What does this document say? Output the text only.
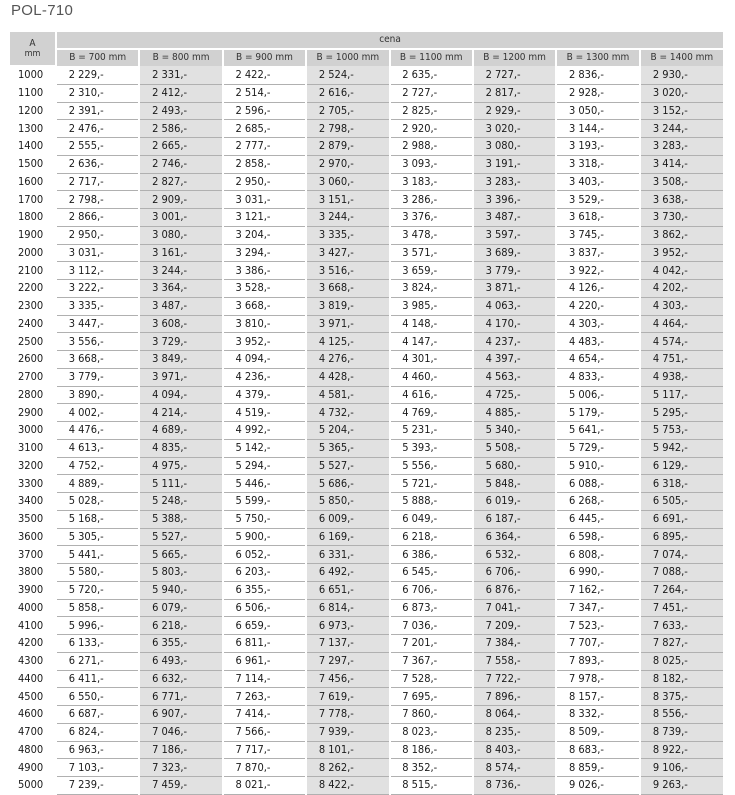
POL-710
A
mm	cena							
	B = 700 mm	B = 800 mm	B = 900 mm	B = 1000 mm	B = 1100 mm	B = 1200 mm	B = 1300 mm	B = 1400 mm
1000	2 229,-	2 331,-	2 422,-	2 524,-	2 635,-	2 727,-	2 836,-	2 930,-
1100	2 310,-	2 412,-	2 514,-	2 616,-	2 727,-	2 817,-	2 928,-	3 020,-
1200	2 391,-	2 493,-	2 596,-	2 705,-	2 825,-	2 929,-	3 050,-	3 152,-
1300	2 476,-	2 586,-	2 685,-	2 798,-	2 920,-	3 020,-	3 144,-	3 244,-
1400	2 555,-	2 665,-	2 777,-	2 879,-	2 988,-	3 080,-	3 193,-	3 283,-
1500	2 636,-	2 746,-	2 858,-	2 970,-	3 093,-	3 191,-	3 318,-	3 414,-
1600	2 717,-	2 827,-	2 950,-	3 060,-	3 183,-	3 283,-	3 403,-	3 508,-
1700	2 798,-	2 909,-	3 031,-	3 151,-	3 286,-	3 396,-	3 529,-	3 638,-
1800	2 866,-	3 001,-	3 121,-	3 244,-	3 376,-	3 487,-	3 618,-	3 730,-
1900	2 950,-	3 080,-	3 204,-	3 335,-	3 478,-	3 597,-	3 745,-	3 862,-
2000	3 031,-	3 161,-	3 294,-	3 427,-	3 571,-	3 689,-	3 837,-	3 952,-
2100	3 112,-	3 244,-	3 386,-	3 516,-	3 659,-	3 779,-	3 922,-	4 042,-
2200	3 222,-	3 364,-	3 528,-	3 668,-	3 824,-	3 871,-	4 126,-	4 202,-
2300	3 335,-	3 487,-	3 668,-	3 819,-	3 985,-	4 063,-	4 220,-	4 303,-
2400	3 447,-	3 608,-	3 810,-	3 971,-	4 148,-	4 170,-	4 303,-	4 464,-
2500	3 556,-	3 729,-	3 952,-	4 125,-	4 147,-	4 237,-	4 483,-	4 574,-
2600	3 668,-	3 849,-	4 094,-	4 276,-	4 301,-	4 397,-	4 654,-	4 751,-
2700	3 779,-	3 971,-	4 236,-	4 428,-	4 460,-	4 563,-	4 833,-	4 938,-
2800	3 890,-	4 094,-	4 379,-	4 581,-	4 616,-	4 725,-	5 006,-	5 117,-
2900	4 002,-	4 214,-	4 519,-	4 732,-	4 769,-	4 885,-	5 179,-	5 295,-
3000	4 476,-	4 689,-	4 992,-	5 204,-	5 231,-	5 340,-	5 641,-	5 753,-
3100	4 613,-	4 835,-	5 142,-	5 365,-	5 393,-	5 508,-	5 729,-	5 942,-
3200	4 752,-	4 975,-	5 294,-	5 527,-	5 556,-	5 680,-	5 910,-	6 129,-
3300	4 889,-	5 111,-	5 446,-	5 686,-	5 721,-	5 848,-	6 088,-	6 318,-
3400	5 028,-	5 248,-	5 599,-	5 850,-	5 888,-	6 019,-	6 268,-	6 505,-
3500	5 168,-	5 388,-	5 750,-	6 009,-	6 049,-	6 187,-	6 445,-	6 691,-
3600	5 305,-	5 527,-	5 900,-	6 169,-	6 218,-	6 364,-	6 598,-	6 895,-
3700	5 441,-	5 665,-	6 052,-	6 331,-	6 386,-	6 532,-	6 808,-	7 074,-
3800	5 580,-	5 803,-	6 203,-	6 492,-	6 545,-	6 706,-	6 990,-	7 088,-
3900	5 720,-	5 940,-	6 355,-	6 651,-	6 706,-	6 876,-	7 162,-	7 264,-
4000	5 858,-	6 079,-	6 506,-	6 814,-	6 873,-	7 041,-	7 347,-	7 451,-
4100	5 996,-	6 218,-	6 659,-	6 973,-	7 036,-	7 209,-	7 523,-	7 633,-
4200	6 133,-	6 355,-	6 811,-	7 137,-	7 201,-	7 384,-	7 707,-	7 827,-
4300	6 271,-	6 493,-	6 961,-	7 297,-	7 367,-	7 558,-	7 893,-	8 025,-
4400	6 411,-	6 632,-	7 114,-	7 456,-	7 528,-	7 722,-	7 978,-	8 182,-
4500	6 550,-	6 771,-	7 263,-	7 619,-	7 695,-	7 896,-	8 157,-	8 375,-
4600	6 687,-	6 907,-	7 414,-	7 778,-	7 860,-	8 064,-	8 332,-	8 556,-
4700	6 824,-	7 046,-	7 566,-	7 939,-	8 023,-	8 235,-	8 509,-	8 739,-
4800	6 963,-	7 186,-	7 717,-	8 101,-	8 186,-	8 403,-	8 683,-	8 922,-
4900	7 103,-	7 323,-	7 870,-	8 262,-	8 352,-	8 574,-	8 859,-	9 106,-
5000	7 239,-	7 459,-	8 021,-	8 422,-	8 515,-	8 736,-	9 026,-	9 263,-
